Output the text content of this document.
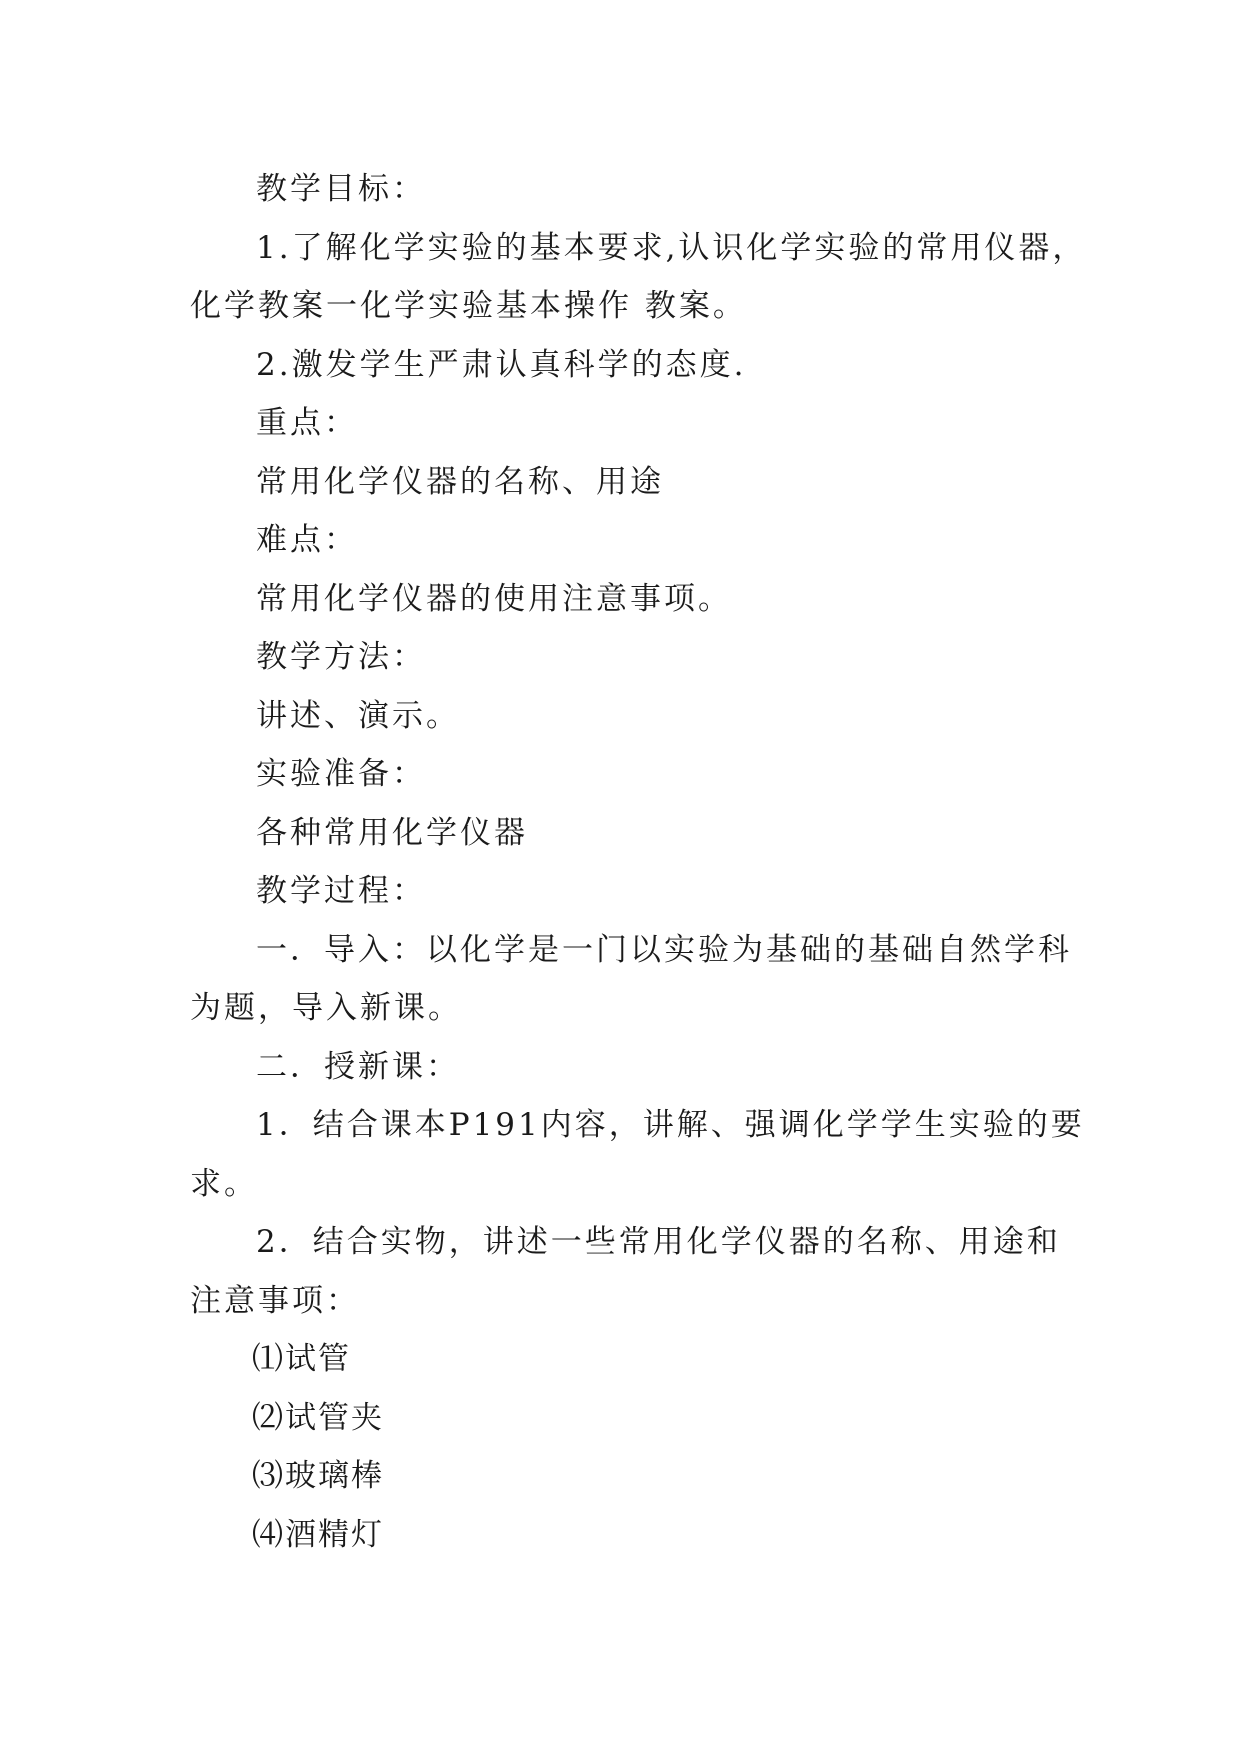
教学目标：
1.了解化学实验的基本要求,认识化学实验的常用仪器，
化学教案一化学实验基本操作 教案。
2.激发学生严肃认真科学的态度.
重点：
常用化学仪器的名称、用途
难点：
常用化学仪器的使用注意事项。
教学方法：
讲述、演示。
实验准备：
各种常用化学仪器
教学过程：
一．导入：以化学是一门以实验为基础的基础自然学科
为题，导入新课。
二．授新课：
1．结合课本P191内容，讲解、强调化学学生实验的要
求。
2．结合实物，讲述一些常用化学仪器的名称、用途和
注意事项：
⑴试管
⑵试管夹
⑶玻璃棒
⑷酒精灯
